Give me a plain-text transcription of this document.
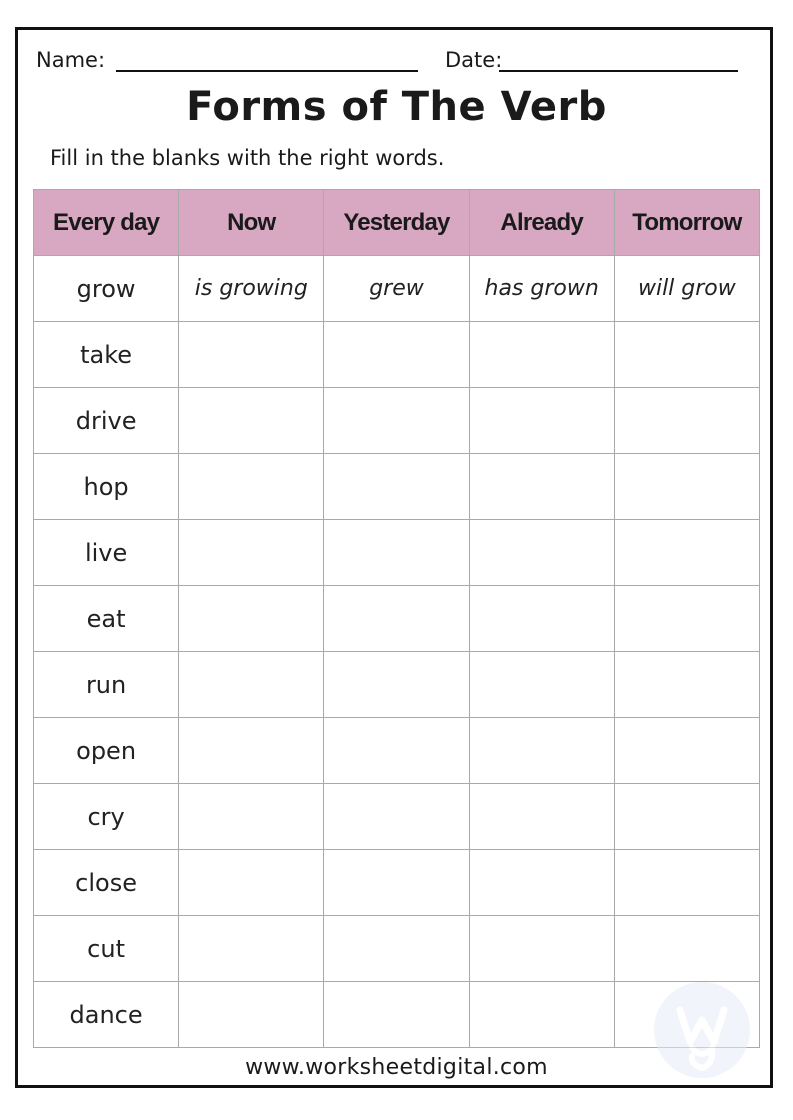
Name:	Date:
Forms of The Verb
Fill in the blanks with the right words.
Every day	Now	Yesterday	Already	Tomorrow
grow	is growing	grew	has grown	will grow
take				
drive				
hop				
live				
eat				
run				
open				
cry				
close				
cut				
dance				
www.worksheetdigital.com
